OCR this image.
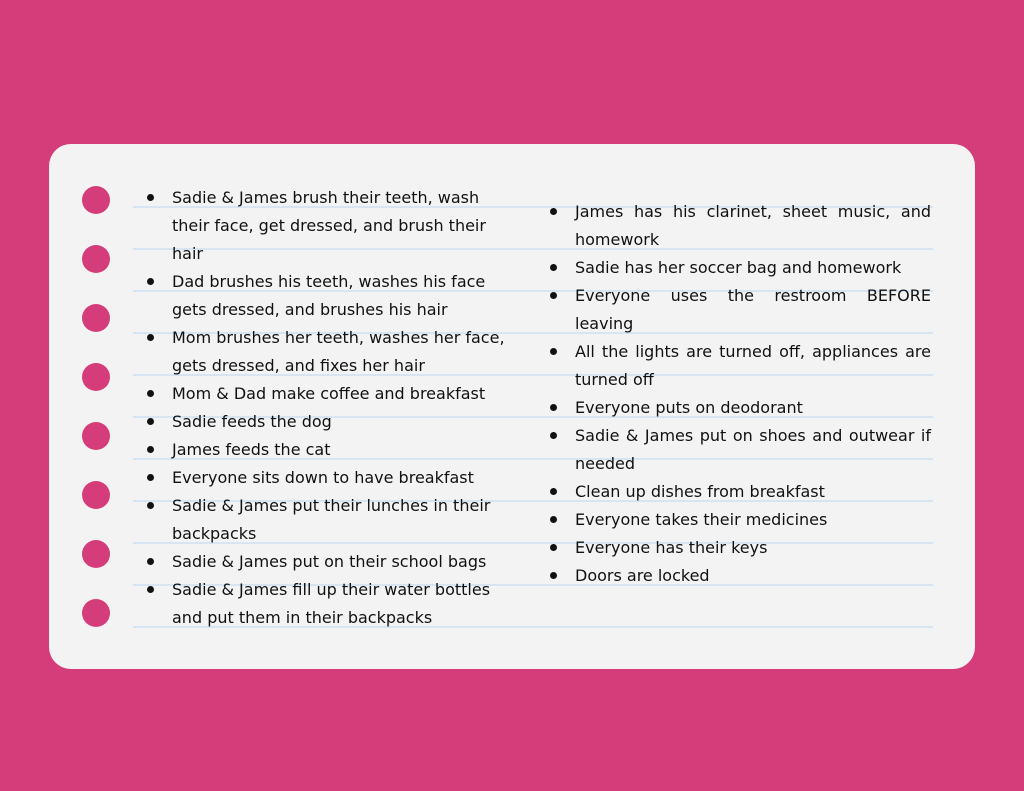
Sadie & James brush their teeth, wash their face, get dressed, and brush their hair
Dad brushes his teeth, washes his face gets dressed, and brushes his hair
Mom brushes her teeth, washes her face, gets dressed, and fixes her hair
Mom & Dad make coffee and breakfast
Sadie feeds the dog
James feeds the cat
Everyone sits down to have breakfast
Sadie & James put their lunches in their backpacks
Sadie & James put on their school bags
Sadie & James fill up their water bottles and put them in their backpacks
James has his clarinet, sheet music, and homework
Sadie has her soccer bag and homework
Everyone uses the restroom BEFORE leaving
All the lights are turned off, appliances are turned off
Everyone puts on deodorant
Sadie & James put on shoes and outwear if needed
Clean up dishes from breakfast
Everyone takes their medicines
Everyone has their keys
Doors are locked
